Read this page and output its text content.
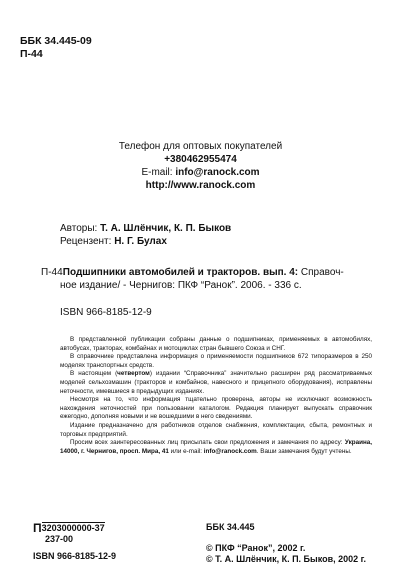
ББК 34.445-09
П-44
Телефон для оптовых покупателей
+380462955474
E-mail: info@ranock.com
http://www.ranock.com
Авторы: Т. А. Шлёнчик, К. П. Быков
Рецензент: Н. Г. Булах
П-44 Подшипники автомобилей и тракторов. вып. 4: Справоч-
ное издание/ - Чернигов: ПКФ “Ранок”. 2006. - 336 с.
ISBN 966-8185-12-9

В представленной публикации собраны данные о подшипниках, применяемых в автомобилях, автобусах, тракторах, комбайнах и мотоциклах стран бывшего Союза и СНГ.

В справочнике представлена информация о применяемости подшипников 672 типоразмеров в 250 моделях транспортных средств.

В настоящем (четвертом) издании “Справочника” значительно расширен ряд рассматриваемых моделей сельхозмашин (тракторов и комбайнов, навесного и прицепного оборудования), исправлены неточности, имевшиеся в предыдущих изданиях.

Несмотря на то, что информация тщательно проверена, авторы не исключают возможность нахождения неточностей при пользовании каталогом. Редакция планирует выпускать справочник ежегодно, дополняя новыми и не вошедшими в него сведениями.

Издание предназначено для работников отделов снабжения, комплектации, сбыта, ремонтных и торговых предприятий.

Просим всех заинтересованных лиц присылать свои предложения и замечания по адресу: Украина, 14000, г. Чернигов, просп. Мира, 41 или e-mail: info@ranock.com. Ваши замечания будут учтены.

П3203000000-37
237-00
ISBN 966-8185-12-9
ББК 34.445
© ПКФ “Ранок”, 2002 г.
© Т. А. Шлёнчик, К. П. Быков, 2002 г.
